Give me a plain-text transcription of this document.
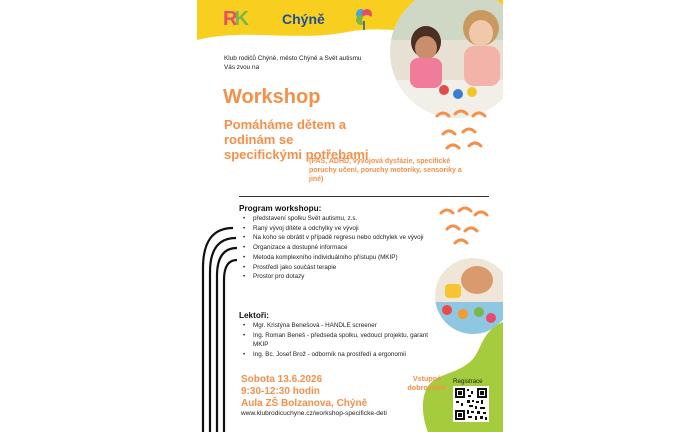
RK	Chýně
Klub rodičů Chýně, město Chýně a Svět autismu Vás zvou na
Workshop
Pomáháme dětem a rodinám se specifickými potřebami
(PAS, ADHD, vývojová dysfázie, specifické poruchy učení, poruchy motoriky, sensoriky a jiné)
Program workshopu:
• představení spolku Svět autismu, z.s.
• Raný vývoj dítěte a odchylky ve vývoji
• Na koho se obrátit v případě regresu nebo odchylek ve vývoji
• Organizace a dostupné informace
• Metoda komplexního individuálního přístupu (MKIP)
• Prostředí jako součást terapie
• Prostor pro dotazy
Lektoři:
• Mgr. Kristýna Benešová - HANDLE screener
• Ing. Roman Beneš - předseda spolku, vedoucí projektu, garant MKIP
• Ing. Bc. Josef Brož - odborník na prostředí a ergonomii
Sobota 13.6.2026
9:30-12:30 hodin
Aula ZŠ Bolzanova, Chýně
Vstupné dobrovolné
www.klubrodicuchyne.cz/workshop-specificke-deti
Registrace
